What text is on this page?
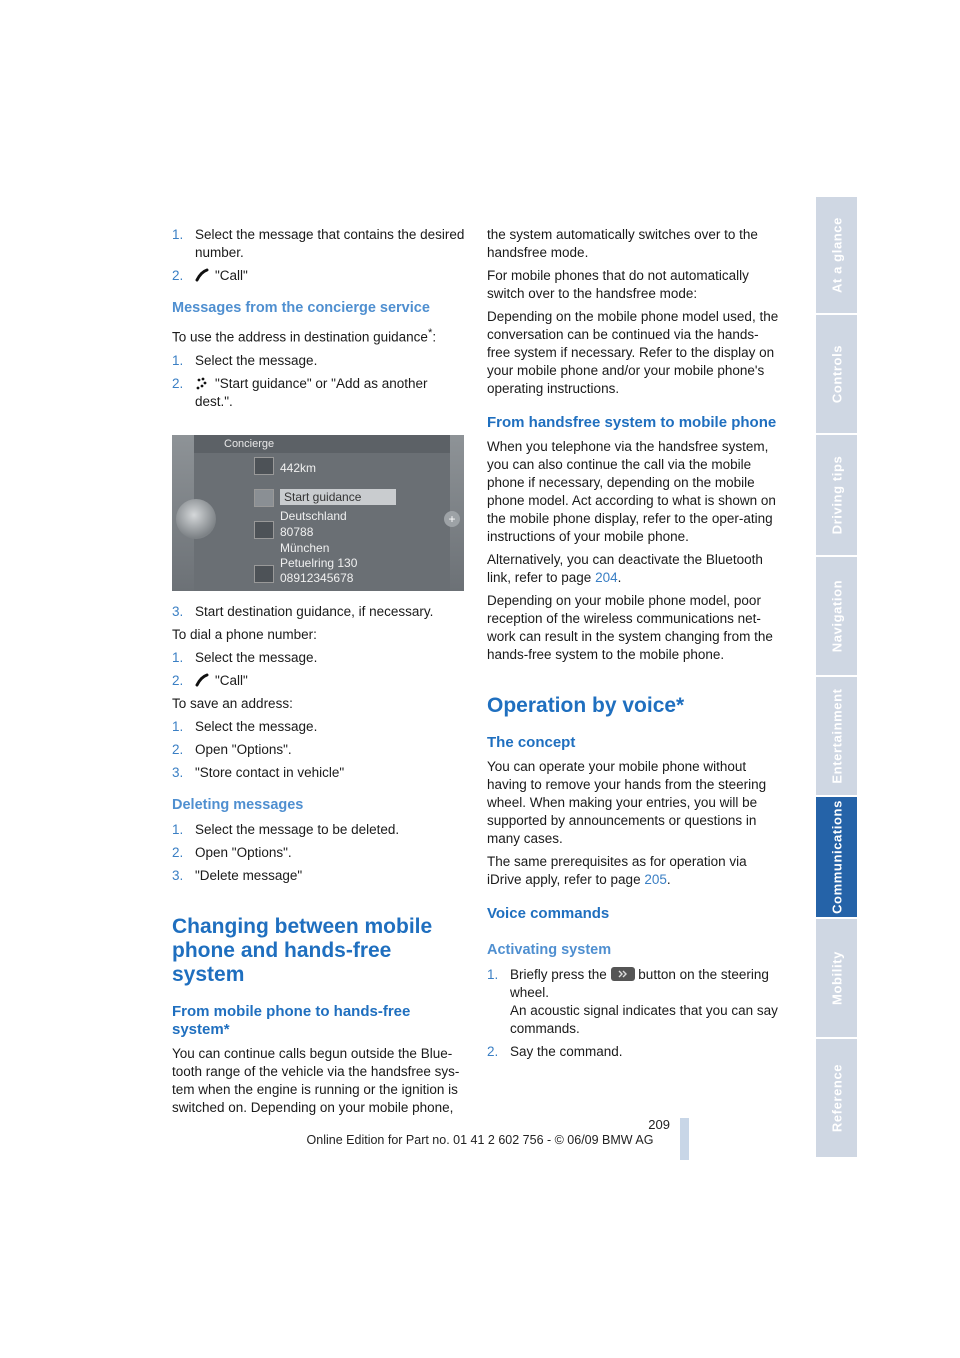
1. Select the message that contains the desired number.
2.	"Call"
Messages from the concierge service

To use the address in destination guidance*:

1. Select the message.
2.	"Start guidance" or "Add as another dest.".
Concierge
442km
Start guidance
Deutschland
80788
München
Petuelring 130
08912345678
+
3. Start destination guidance, if necessary.

To dial a phone number:

1. Select the message.
2.	"Call"

To save an address:

1. Select the message.
2. Open "Options".
3. "Store contact in vehicle"
Deleting messages
1. Select the message to be deleted.
2. Open "Options".
3. "Delete message"
Changing between mobile phone and hands-free system
From mobile phone to hands-free system*

You can continue calls begun outside the Blue-tooth range of the vehicle via the handsfree sys-tem when the engine is running or the ignition is switched on. Depending on your mobile phone,

the system automatically switches over to the handsfree mode.

For mobile phones that do not automatically switch over to the handsfree mode:

Depending on the mobile phone model used, the conversation can be continued via the hands-free system if necessary. Refer to the display on your mobile phone and/or your mobile phone's operating instructions.

From handsfree system to mobile phone

When you telephone via the handsfree system, you can also continue the call via the mobile phone if necessary, depending on the mobile phone model. Act according to what is shown on the mobile phone display, refer to the oper-ating instructions of your mobile phone.

Alternatively, you can deactivate the Bluetooth link, refer to page 204.

Depending on your mobile phone model, poor reception of the wireless communications net-work can result in the system changing from the hands-free system to the mobile phone.

Operation by voice*
The concept

You can operate your mobile phone without having to remove your hands from the steering wheel. When making your entries, you will be supported by announcements or questions in many cases.

The same prerequisites as for operation via iDrive apply, refer to page 205.

Voice commands
Activating system
1. Briefly press the  button on the steering wheel.
An acoustic signal indicates that you can say commands.
2. Say the command.
At a glance
Controls
Driving tips
Navigation
Entertainment
Communications
Mobility
Reference
209
Online Edition for Part no. 01 41 2 602 756 - © 06/09 BMW AG
